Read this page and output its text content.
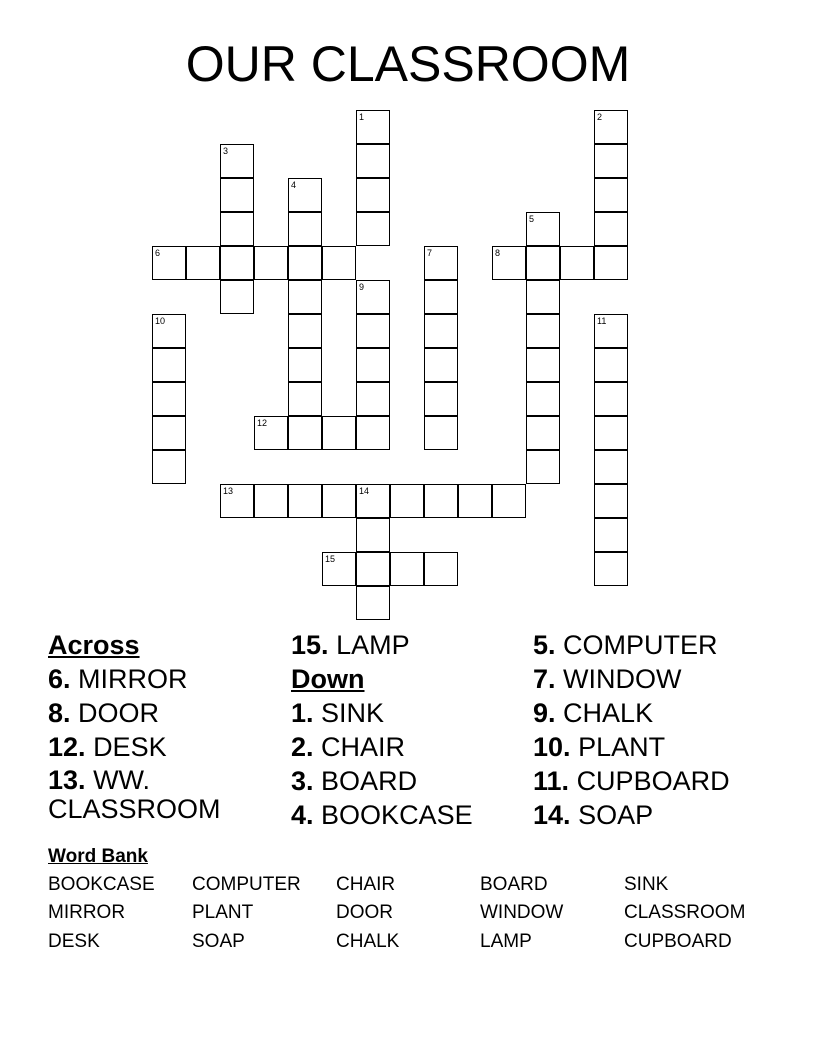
OUR CLASSROOM
1	2
3
4
5
6	7	8
9
10	11
12
13	14
15
Across
6. MIRROR
8. DOOR
12. DESK
13. WW. CLASSROOM
15. LAMP
Down
1. SINK
2. CHAIR
3. BOARD
4. BOOKCASE
5. COMPUTER
7. WINDOW
9. CHALK
10. PLANT
11. CUPBOARD
14. SOAP
Word Bank
BOOKCASE COMPUTER CHAIR	BOARD	SINK
MIRROR	PLANT	DOOR	WINDOW	CLASSROOM
DESK	SOAP	CHALK	LAMP	CUPBOARD
